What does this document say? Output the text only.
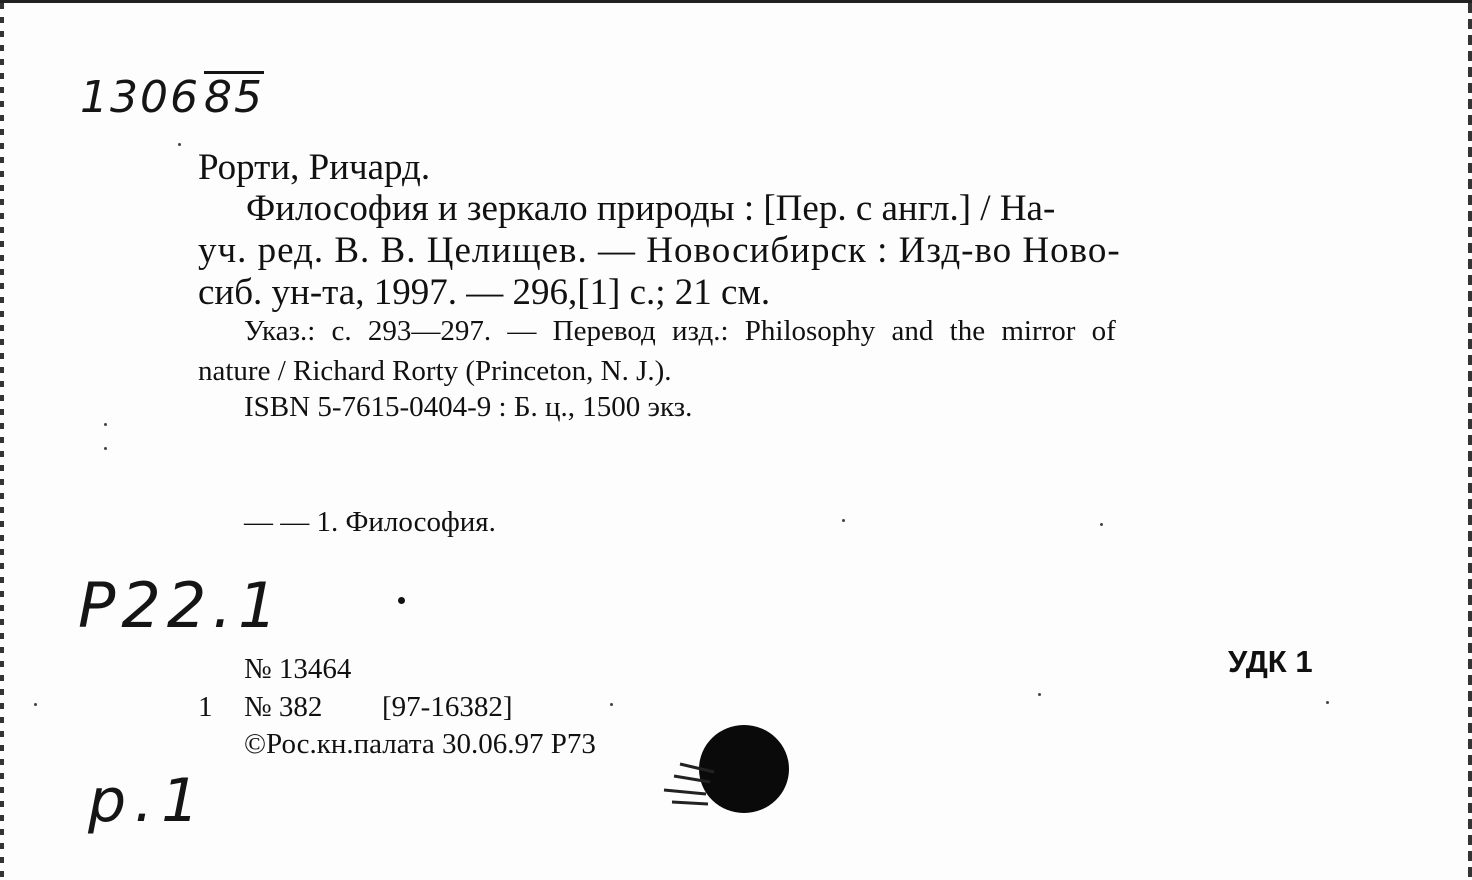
130685
Рорти, Ричард.
Философия и зеркало природы : [Пер. с англ.] / На-
уч. ред. В. В. Целищев. — Новосибирск : Изд-во Ново-
сиб. ун-та, 1997. — 296,[1] с.; 21 см.
Указ.: с. 293—297. — Перевод изд.: Philosophy and the mirror of
nature / Richard Rorty (Princeton, N. J.).
ISBN 5-7615-0404-9 : Б. ц., 1500 экз.
— — 1. Философия.
P22.1
№ 13464	УДК 1
1 № 382 [97-16382]
©Рос.кн.палата 30.06.97 Р73
p.1
